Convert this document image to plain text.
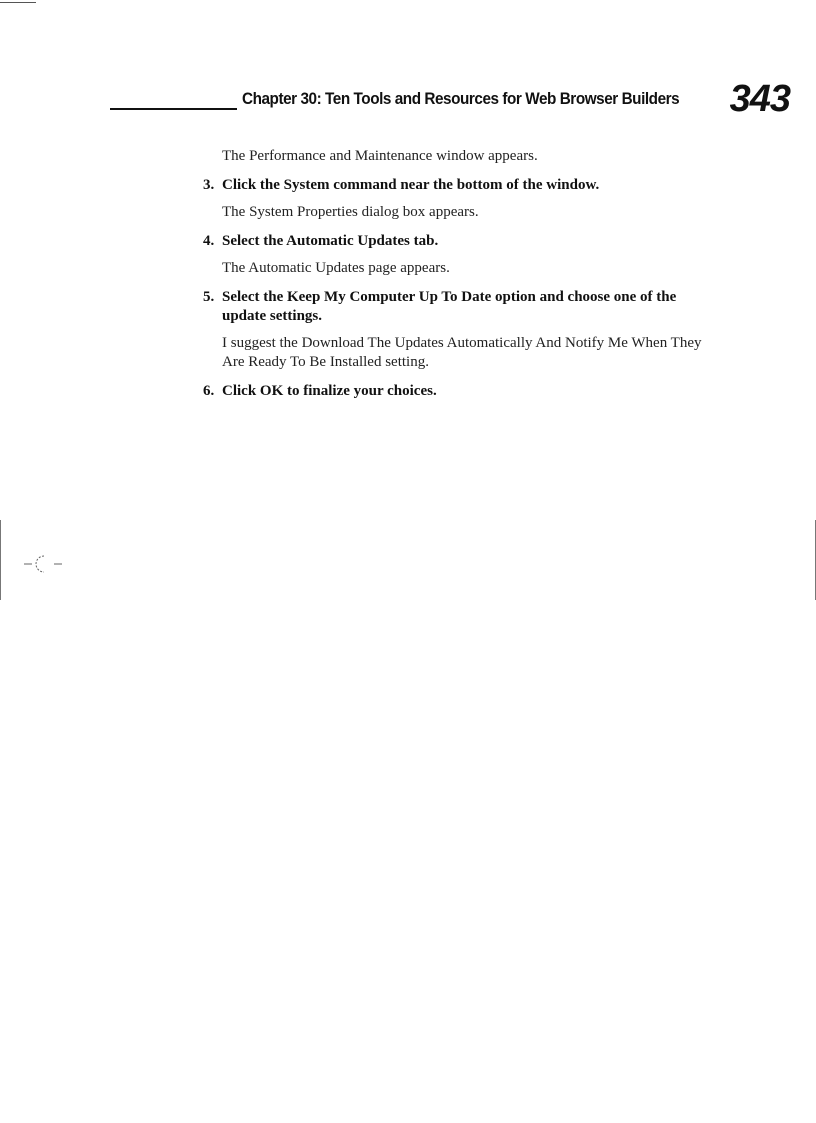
Chapter 30: Ten Tools and Resources for Web Browser Builders 343

The Performance and Maintenance window appears.

3. Click the System command near the bottom of the window.

The System Properties dialog box appears.

4. Select the Automatic Updates tab.

The Automatic Updates page appears.

5. Select the Keep My Computer Up To Date option and choose one of the update settings.

I suggest the Download The Updates Automatically And Notify Me When They Are Ready To Be Installed setting.

6. Click OK to finalize your choices.
